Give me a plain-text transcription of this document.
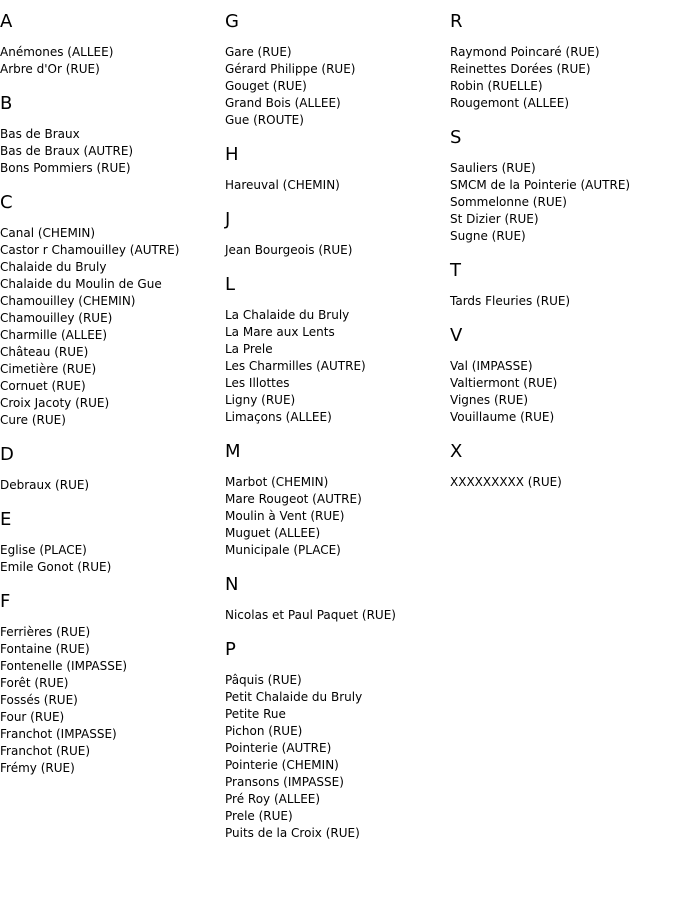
A
Anémones (ALLEE)
Arbre d'Or (RUE)
B
Bas de Braux
Bas de Braux (AUTRE)
Bons Pommiers (RUE)
C
Canal (CHEMIN)
Castor r Chamouilley (AUTRE)
Chalaide du Bruly
Chalaide du Moulin de Gue
Chamouilley (CHEMIN)
Chamouilley (RUE)
Charmille (ALLEE)
Château (RUE)
Cimetière (RUE)
Cornuet (RUE)
Croix Jacoty (RUE)
Cure (RUE)
D
Debraux (RUE)
E
Eglise (PLACE)
Emile Gonot (RUE)
F
Ferrières (RUE)
Fontaine (RUE)
Fontenelle (IMPASSE)
Forêt (RUE)
Fossés (RUE)
Four (RUE)
Franchot (IMPASSE)
Franchot (RUE)
Frémy (RUE)
G
Gare (RUE)
Gérard Philippe (RUE)
Gouget (RUE)
Grand Bois (ALLEE)
Gue (ROUTE)
H
Hareuval (CHEMIN)
J
Jean Bourgeois (RUE)
L
La Chalaide du Bruly
La Mare aux Lents
La Prele
Les Charmilles (AUTRE)
Les Illottes
Ligny (RUE)
Limaçons (ALLEE)
M
Marbot (CHEMIN)
Mare Rougeot (AUTRE)
Moulin à Vent (RUE)
Muguet (ALLEE)
Municipale (PLACE)
N
Nicolas et Paul Paquet (RUE)
P
Pâquis (RUE)
Petit Chalaide du Bruly
Petite Rue
Pichon (RUE)
Pointerie (AUTRE)
Pointerie (CHEMIN)
Pransons (IMPASSE)
Pré Roy (ALLEE)
Prele (RUE)
Puits de la Croix (RUE)
R
Raymond Poincaré (RUE)
Reinettes Dorées (RUE)
Robin (RUELLE)
Rougemont (ALLEE)
S
Sauliers (RUE)
SMCM de la Pointerie (AUTRE)
Sommelonne (RUE)
St Dizier (RUE)
Sugne (RUE)
T
Tards Fleuries (RUE)
V
Val (IMPASSE)
Valtiermont (RUE)
Vignes (RUE)
Vouillaume (RUE)
X
XXXXXXXXX (RUE)
